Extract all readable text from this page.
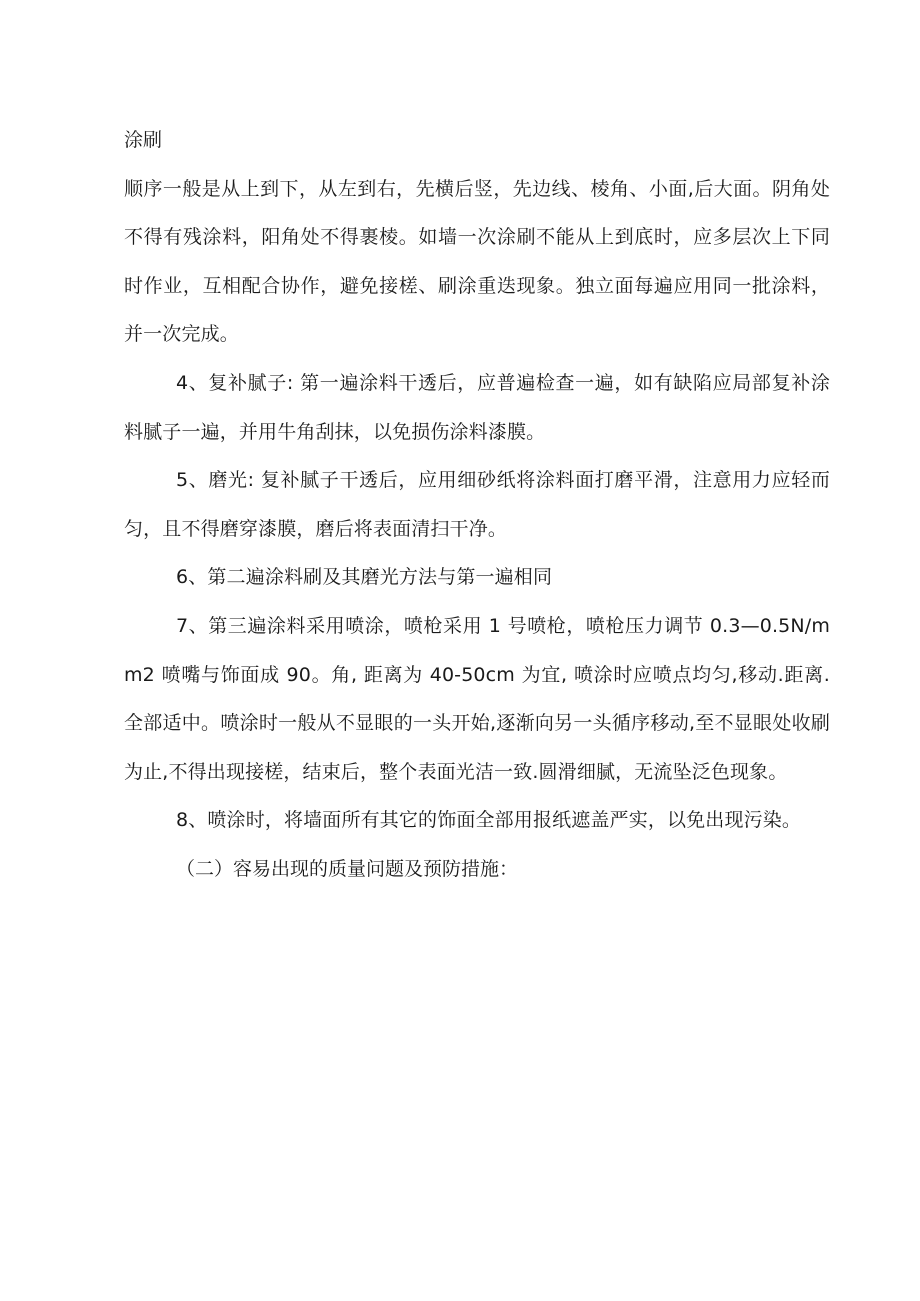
涂刷

顺序一般是从上到下，从左到右，先横后竖，先边线、棱角、小面,后大面。阴角处不得有残涂料，阳角处不得裹棱。如墙一次涂刷不能从上到底时，应多层次上下同时作业，互相配合协作，避免接槎、刷涂重迭现象。独立面每遍应用同一批涂料，并一次完成。

4、复补腻子: 第一遍涂料干透后，应普遍检查一遍，如有缺陷应局部复补涂料腻子一遍，并用牛角刮抹，以免损伤涂料漆膜。

5、磨光: 复补腻子干透后，应用细砂纸将涂料面打磨平滑，注意用力应轻而匀，且不得磨穿漆膜，磨后将表面清扫干净。

6、第二遍涂料刷及其磨光方法与第一遍相同

7、第三遍涂料采用喷涂，喷枪采用 1 号喷枪，喷枪压力调节 0.3—0.5N/mm2 喷嘴与饰面成 90。角, 距离为 40-50cm 为宜, 喷涂时应喷点均匀,移动.距离.全部适中。喷涂时一般从不显眼的一头开始,逐渐向另一头循序移动,至不显眼处收刷为止,不得出现接槎，结束后，整个表面光洁一致.圆滑细腻，无流坠泛色现象。

8、喷涂时，将墙面所有其它的饰面全部用报纸遮盖严实，以免出现污染。

（二）容易出现的质量问题及预防措施：
